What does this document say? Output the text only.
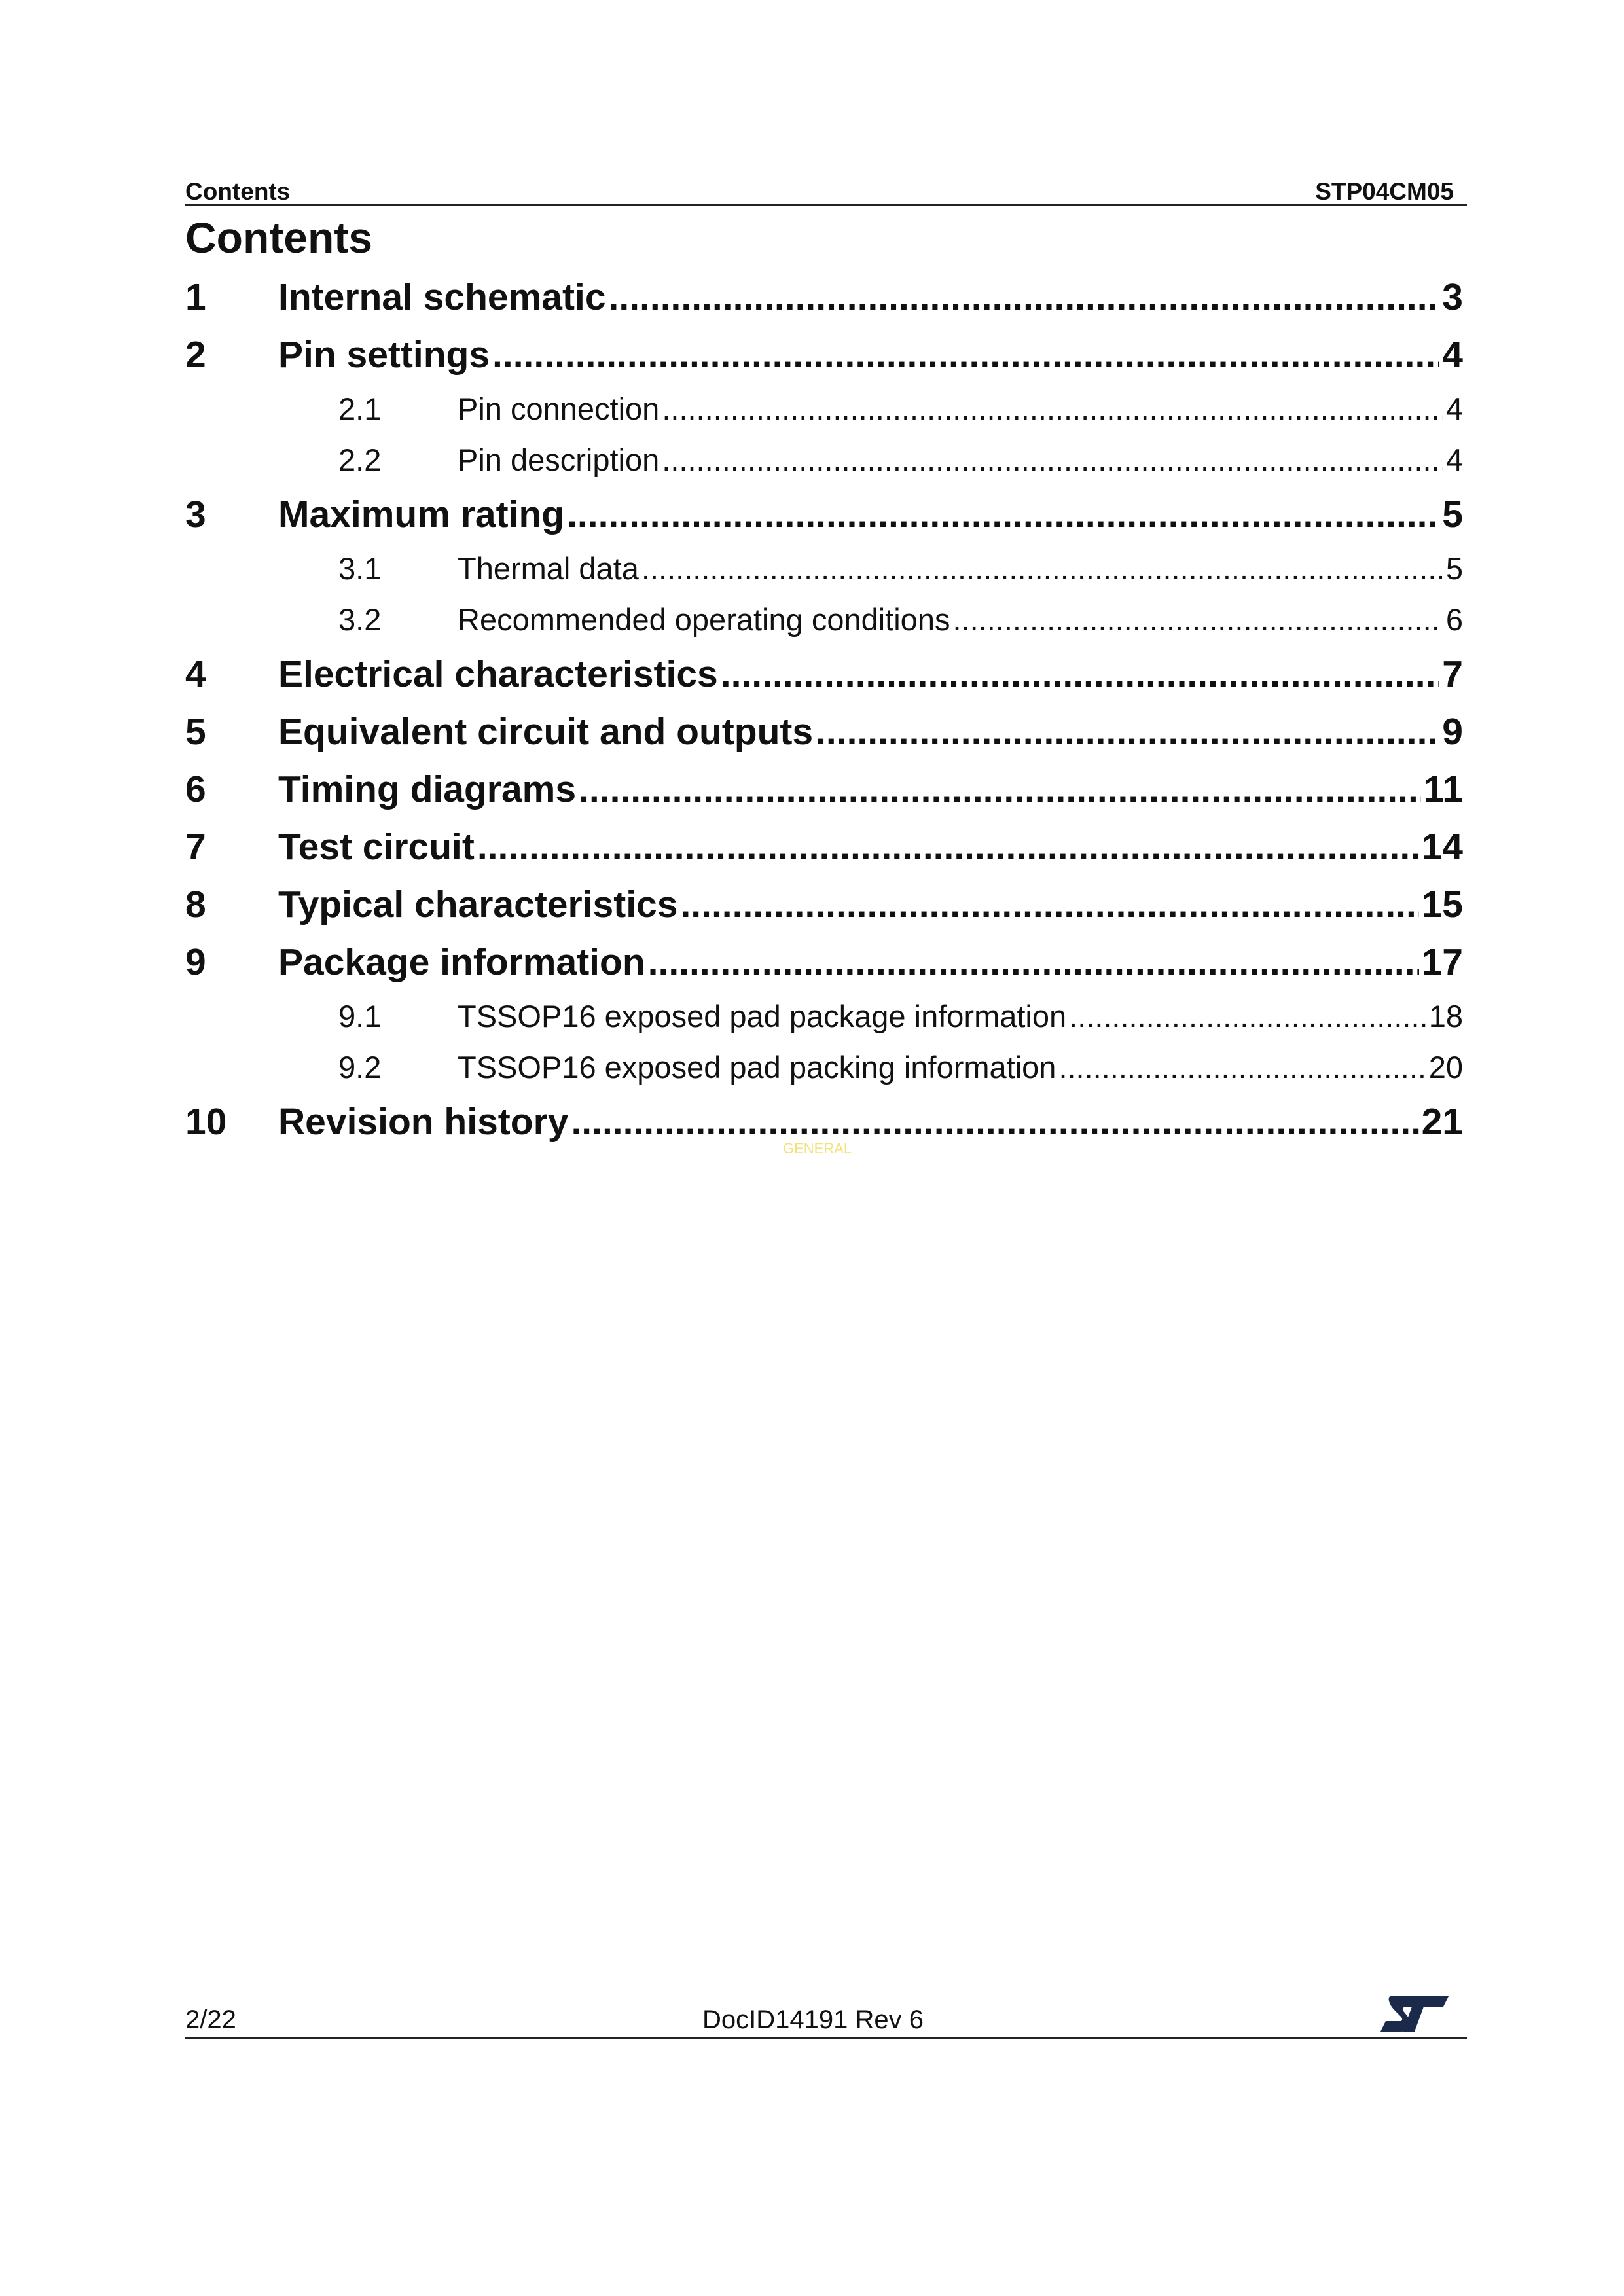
Contents	STP04CM05
Contents
1	Internal schematic .....	3
2	Pin settings .....	4
2.1	Pin connection .....	4
2.2	Pin description .....	4
3	Maximum rating .....	5
3.1	Thermal data .....	5
3.2	Recommended operating conditions .....	6
4	Electrical characteristics .....	7
5	Equivalent circuit and outputs .....	9
6	Timing diagrams .....	11
7	Test circuit .....	14
8	Typical characteristics .....	15
9	Package information .....	17
9.1	TSSOP16 exposed pad package information .....	18
9.2	TSSOP16 exposed pad packing information .....	20
10	Revision history .....	21
GENERAL
2/22	DocID14191 Rev 6
ST
